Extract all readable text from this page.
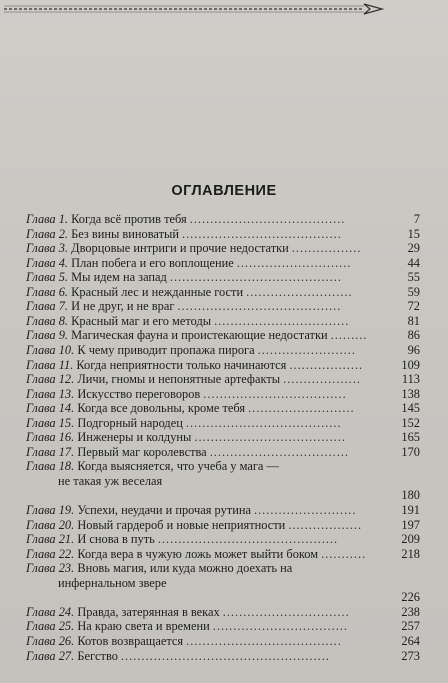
ОГЛАВЛЕНИЕ
Глава 1. Когда всё против тебя ......................................	7
Глава 2. Без вины виноватый .......................................	15
Глава 3. Дворцовые интриги и прочие недостатки .................	29
Глава 4. План побега и его воплощение ............................	44
Глава 5. Мы идем на запад ..........................................	55
Глава 6. Красный лес и нежданные гости ..........................	59
Глава 7. И не друг, и не враг ........................................	72
Глава 8. Красный маг и его методы .................................	81
Глава 9. Магическая фауна и проистекающие недостатки .........	86
Глава 10. К чему приводит пропажа пирога ........................	96
Глава 11. Когда неприятности только начинаются ..................	109
Глава 12. Личи, гномы и непонятные артефакты ...................	113
Глава 13. Искусство переговоров ...................................	138
Глава 14. Когда все довольны, кроме тебя ..........................	145
Глава 15. Подгорный народец ......................................	152
Глава 16. Инженеры и колдуны .....................................	165
Глава 17. Первый маг королевства ..................................	170
Глава 18. Когда выясняется, что учеба у мага —
не такая уж веселая
180
Глава 19. Успехи, неудачи и прочая рутина .........................	191
Глава 20. Новый гардероб и новые неприятности ..................	197
Глава 21. И снова в путь ............................................	209
Глава 22. Когда вера в чужую ложь может выйти боком ...........	218
Глава 23. Вновь магия, или куда можно доехать на
инфернальном звере
226
Глава 24. Правда, затерянная в веках ...............................	238
Глава 25. На краю света и времени .................................	257
Глава 26. Котов возвращается ......................................	264
Глава 27. Бегство ...................................................	273
